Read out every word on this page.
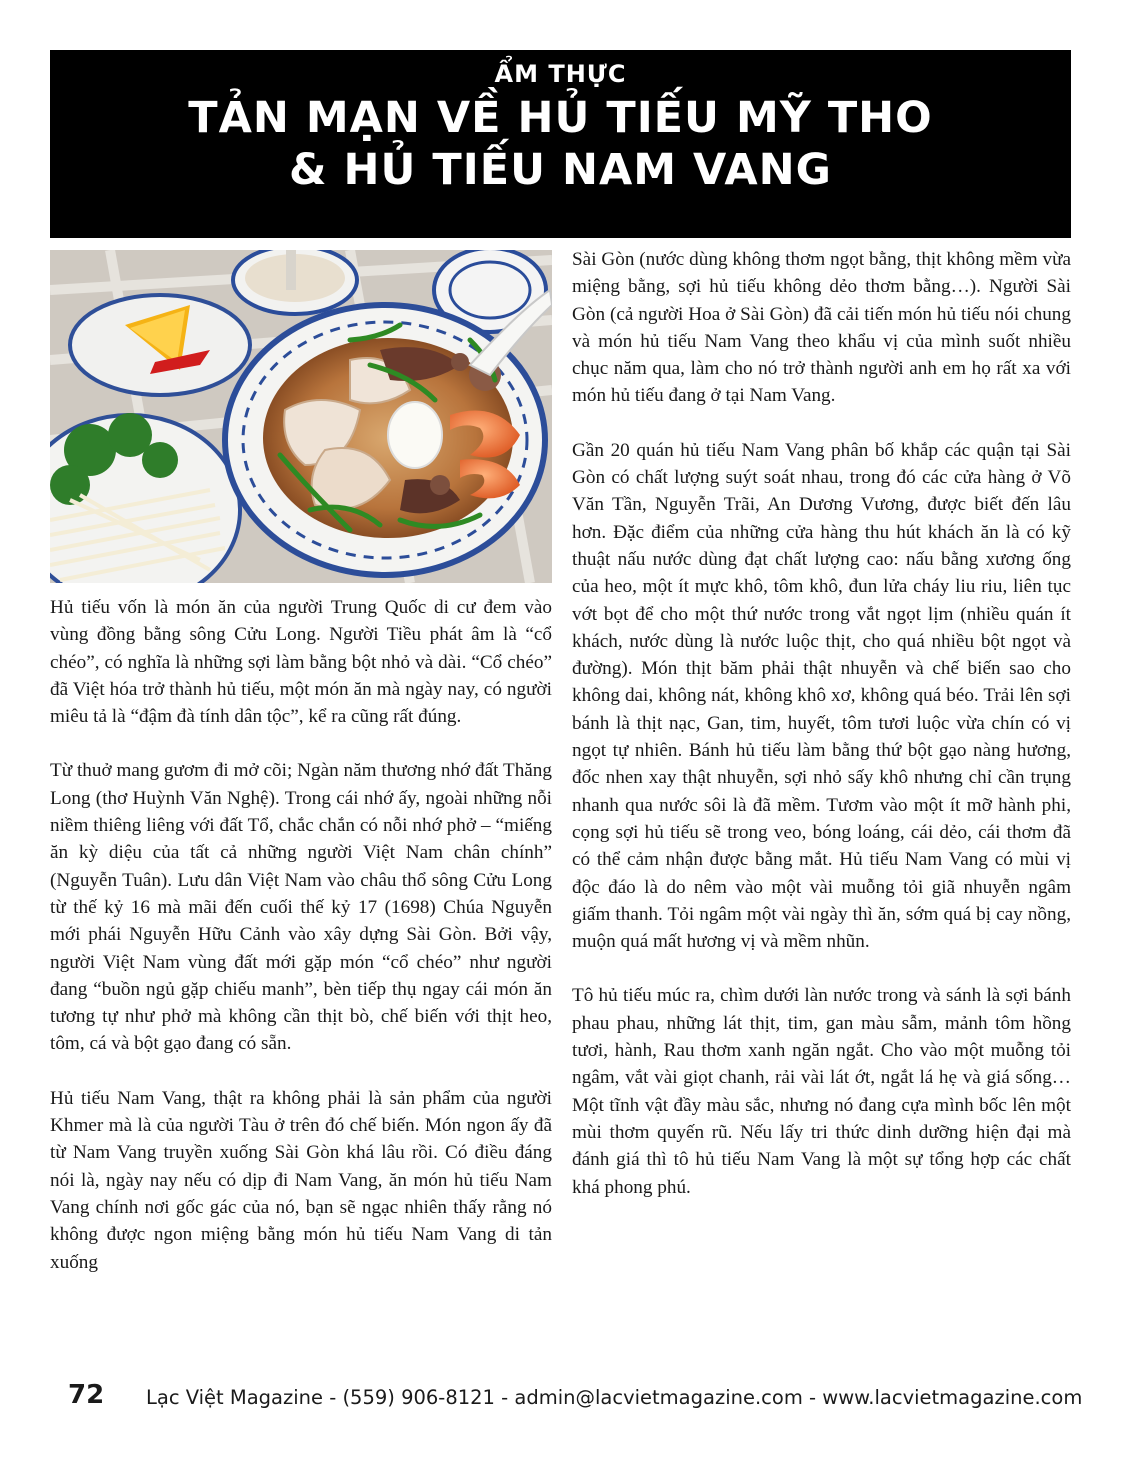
ẨM THỰC
TẢN MẠN VỀ HỦ TIẾU MỸ THO
& HỦ TIẾU NAM VANG

Hủ tiếu vốn là món ăn của người Trung Quốc di cư đem vào vùng đồng bằng sông Cửu Long. Người Tiều phát âm là “cổ chéo”, có nghĩa là những sợi làm bằng bột nhỏ và dài. “Cổ chéo” đã Việt hóa trở thành hủ tiếu, một món ăn mà ngày nay, có người miêu tả là “đậm đà tính dân tộc”, kể ra cũng rất đúng.

Từ thuở mang gươm đi mở cõi; Ngàn năm thương nhớ đất Thăng Long (thơ Huỳnh Văn Nghệ). Trong cái nhớ ấy, ngoài những nỗi niềm thiêng liêng với đất Tổ, chắc chắn có nỗi nhớ phở – “miếng ăn kỳ diệu của tất cả những người Việt Nam chân chính” (Nguyễn Tuân). Lưu dân Việt Nam vào châu thổ sông Cửu Long từ thế kỷ 16 mà mãi đến cuối thế kỷ 17 (1698) Chúa Nguyễn mới phái Nguyễn Hữu Cảnh vào xây dựng Sài Gòn. Bởi vậy, người Việt Nam vùng đất mới gặp món “cổ chéo” như người đang “buồn ngủ gặp chiếu manh”, bèn tiếp thụ ngay cái món ăn tương tự như phở mà không cần thịt bò, chế biến với thịt heo, tôm, cá và bột gạo đang có sẵn.

Hủ tiếu Nam Vang, thật ra không phải là sản phẩm của người Khmer mà là của người Tàu ở trên đó chế biến. Món ngon ấy đã từ Nam Vang truyền xuống Sài Gòn khá lâu rồi. Có điều đáng nói là, ngày nay nếu có dịp đi Nam Vang, ăn món hủ tiếu Nam Vang chính nơi gốc gác của nó, bạn sẽ ngạc nhiên thấy rằng nó không được ngon miệng bằng món hủ tiếu Nam Vang di tản xuống

Sài Gòn (nước dùng không thơm ngọt bằng, thịt không mềm vừa miệng bằng, sợi hủ tiếu không dẻo thơm bằng…). Người Sài Gòn (cả người Hoa ở Sài Gòn) đã cải tiến món hủ tiếu nói chung và món hủ tiếu Nam Vang theo khẩu vị của mình suốt nhiều chục năm qua, làm cho nó trở thành người anh em họ rất xa với món hủ tiếu đang ở tại Nam Vang.

Gần 20 quán hủ tiếu Nam Vang phân bố khắp các quận tại Sài Gòn có chất lượng suýt soát nhau, trong đó các cửa hàng ở Võ Văn Tần, Nguyễn Trãi, An Dương Vương, được biết đến lâu hơn. Đặc điểm của những cửa hàng thu hút khách ăn là có kỹ thuật nấu nước dùng đạt chất lượng cao: nấu bằng xương ống của heo, một ít mực khô, tôm khô, đun lửa cháy liu riu, liên tục vớt bọt để cho một thứ nước trong vắt ngọt lịm (nhiều quán ít khách, nước dùng là nước luộc thịt, cho quá nhiều bột ngọt và đường). Món thịt băm phải thật nhuyễn và chế biến sao cho không dai, không nát, không khô xơ, không quá béo. Trải lên sợi bánh là thịt nạc, Gan, tim, huyết, tôm tươi luộc vừa chín có vị ngọt tự nhiên. Bánh hủ tiếu làm bằng thứ bột gạo nàng hương, đốc nhen xay thật nhuyễn, sợi nhỏ sấy khô nhưng chỉ cần trụng nhanh qua nước sôi là đã mềm. Tươm vào một ít mỡ hành phi, cọng sợi hủ tiếu sẽ trong veo, bóng loáng, cái dẻo, cái thơm đã có thể cảm nhận được bằng mắt. Hủ tiếu Nam Vang có mùi vị độc đáo là do nêm vào một vài muỗng tỏi giã nhuyễn ngâm giấm thanh. Tỏi ngâm một vài ngày thì ăn, sớm quá bị cay nồng, muộn quá mất hương vị và mềm nhũn.

Tô hủ tiếu múc ra, chìm dưới làn nước trong và sánh là sợi bánh phau phau, những lát thịt, tim, gan màu sẫm, mảnh tôm hồng tươi, hành, Rau thơm xanh ngăn ngắt. Cho vào một muỗng tỏi ngâm, vắt vài giọt chanh, rải vài lát ớt, ngắt lá hẹ và giá sống… Một tĩnh vật đầy màu sắc, nhưng nó đang cựa mình bốc lên một mùi thơm quyến rũ. Nếu lấy tri thức dinh dưỡng hiện đại mà đánh giá thì tô hủ tiếu Nam Vang là một sự tổng hợp các chất khá phong phú.

72 Lạc Việt Magazine - (559) 906-8121 - admin@lacvietmagazine.com - www.lacvietmagazine.com
